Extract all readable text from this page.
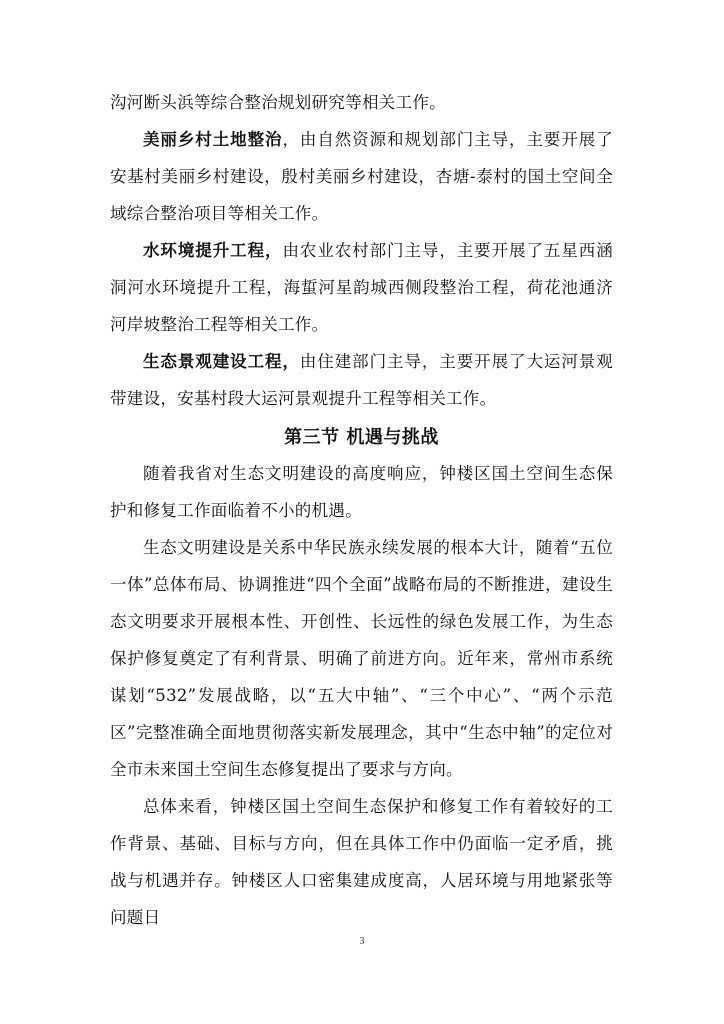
沟河断头浜等综合整治规划研究等相关工作。

美丽乡村土地整治，由自然资源和规划部门主导，主要开展了安基村美丽乡村建设，殷村美丽乡村建设，杏塘-泰村的国土空间全域综合整治项目等相关工作。

水环境提升工程，由农业农村部门主导，主要开展了五星西涵洞河水环境提升工程，海蜇河星韵城西侧段整治工程，荷花池通济河岸坡整治工程等相关工作。

生态景观建设工程，由住建部门主导，主要开展了大运河景观带建设，安基村段大运河景观提升工程等相关工作。

第三节 机遇与挑战

随着我省对生态文明建设的高度响应，钟楼区国土空间生态保护和修复工作面临着不小的机遇。

生态文明建设是关系中华民族永续发展的根本大计，随着“五位一体”总体布局、协调推进“四个全面”战略布局的不断推进，建设生态文明要求开展根本性、开创性、长远性的绿色发展工作，为生态保护修复奠定了有利背景、明确了前进方向。近年来，常州市系统谋划“532”发展战略，以“五大中轴”、“三个中心”、“两个示范区”完整准确全面地贯彻落实新发展理念，其中“生态中轴”的定位对全市未来国土空间生态修复提出了要求与方向。

总体来看，钟楼区国土空间生态保护和修复工作有着较好的工作背景、基础、目标与方向，但在具体工作中仍面临一定矛盾，挑战与机遇并存。钟楼区人口密集建成度高，人居环境与用地紧张等问题日

3
